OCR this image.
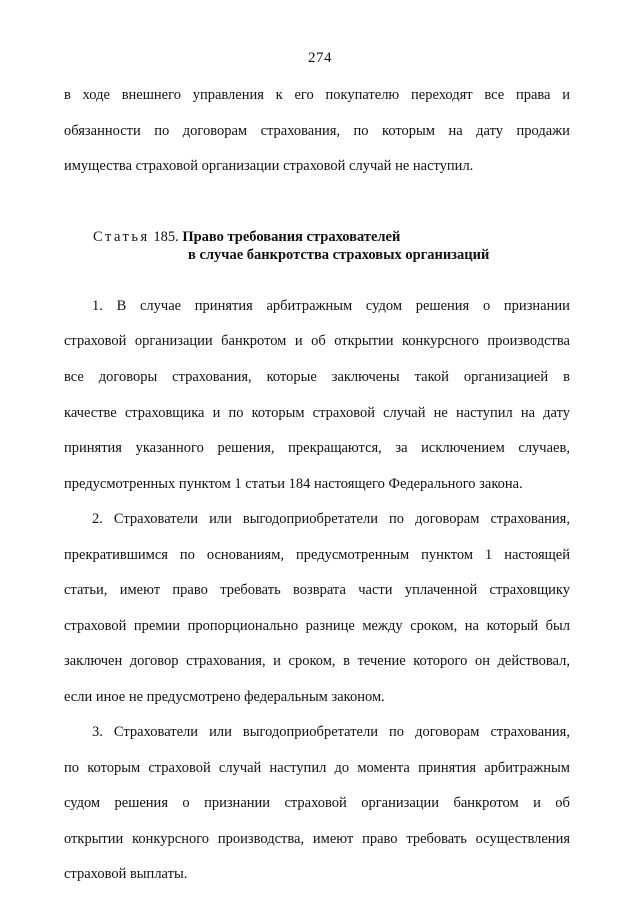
274
в ходе внешнего управления к его покупателю переходят все права и
обязанности по договорам страхования, по которым на дату продажи
имущества страховой организации страховой случай не наступил.
Статья 185. Право требования страхователей
в случае банкротства страховых организаций
1. В случае принятия арбитражным судом решения о признании
страховой организации банкротом и об открытии конкурсного производства
все договоры страхования, которые заключены такой организацией в
качестве страховщика и по которым страховой случай не наступил на дату
принятия указанного решения, прекращаются, за исключением случаев,
предусмотренных пунктом 1 статьи 184 настоящего Федерального закона.
2. Страхователи или выгодоприобретатели по договорам страхования,
прекратившимся по основаниям, предусмотренным пунктом 1 настоящей
статьи, имеют право требовать возврата части уплаченной страховщику
страховой премии пропорционально разнице между сроком, на который был
заключен договор страхования, и сроком, в течение которого он действовал,
если иное не предусмотрено федеральным законом.
3. Страхователи или выгодоприобретатели по договорам страхования,
по которым страховой случай наступил до момента принятия арбитражным
судом решения о признании страховой организации банкротом и об
открытии конкурсного производства, имеют право требовать осуществления
страховой выплаты.
